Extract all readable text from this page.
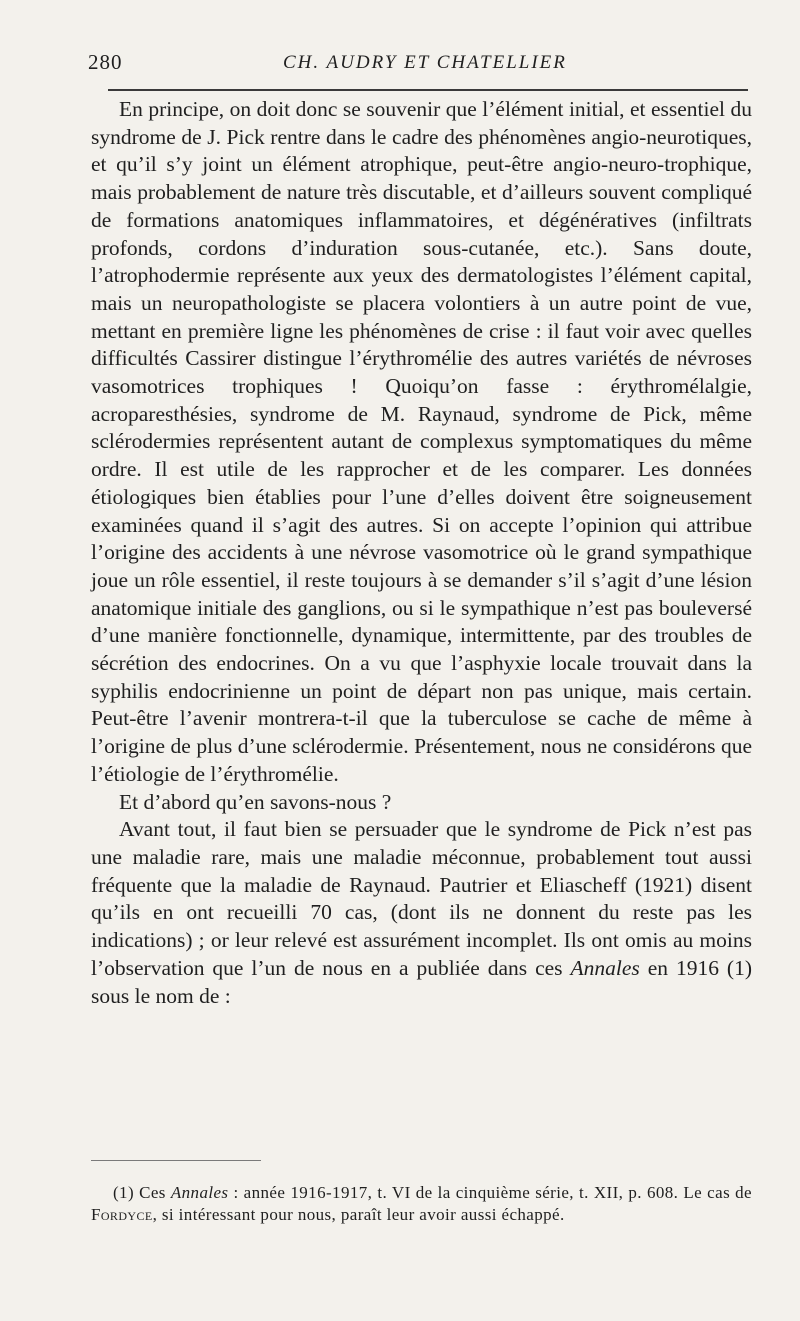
280	CH. AUDRY ET CHATELLIER

En principe, on doit donc se souvenir que l’élément initial, et essentiel du syndrome de J. Pick rentre dans le cadre des phénomènes angio-neurotiques, et qu’il s’y joint un élément atrophique, peut-être angio-neuro-trophique, mais probablement de nature très discutable, et d’ailleurs souvent compliqué de formations anatomiques inflammatoires, et dégénératives (infiltrats profonds, cordons d’induration sous-cutanée, etc.). Sans doute, l’atrophodermie représente aux yeux des dermatologistes l’élément capital, mais un neuropathologiste se placera volontiers à un autre point de vue, mettant en première ligne les phénomènes de crise : il faut voir avec quelles difficultés Cassirer distingue l’érythromélie des autres variétés de névroses vasomotrices trophiques ! Quoiqu’on fasse : érythromélalgie, acroparesthésies, syndrome de M. Raynaud, syndrome de Pick, même sclérodermies représentent autant de complexus symptomatiques du même ordre. Il est utile de les rapprocher et de les comparer. Les données étiologiques bien établies pour l’une d’elles doivent être soigneusement examinées quand il s’agit des autres. Si on accepte l’opinion qui attribue l’origine des accidents à une névrose vasomotrice où le grand sympathique joue un rôle essentiel, il reste toujours à se demander s’il s’agit d’une lésion anatomique initiale des ganglions, ou si le sympathique n’est pas bouleversé d’une manière fonctionnelle, dynamique, intermittente, par des troubles de sécrétion des endocrines. On a vu que l’asphyxie locale trouvait dans la syphilis endocrinienne un point de départ non pas unique, mais certain. Peut-être l’avenir montrera-t-il que la tuberculose se cache de même à l’origine de plus d’une sclérodermie. Présentement, nous ne considérons que l’étiologie de l’érythromélie.

Et d’abord qu’en savons-nous ?

Avant tout, il faut bien se persuader que le syndrome de Pick n’est pas une maladie rare, mais une maladie méconnue, probablement tout aussi fréquente que la maladie de Raynaud. Pautrier et Eliascheff (1921) disent qu’ils en ont recueilli 70 cas, (dont ils ne donnent du reste pas les indications) ; or leur relevé est assurément incomplet. Ils ont omis au moins l’observation que l’un de nous en a publiée dans ces Annales en 1916 (1) sous le nom de :

(1) Ces Annales : année 1916-1917, t. VI de la cinquième série, t. XII, p. 608. Le cas de Fordyce, si intéressant pour nous, paraît leur avoir aussi échappé.
